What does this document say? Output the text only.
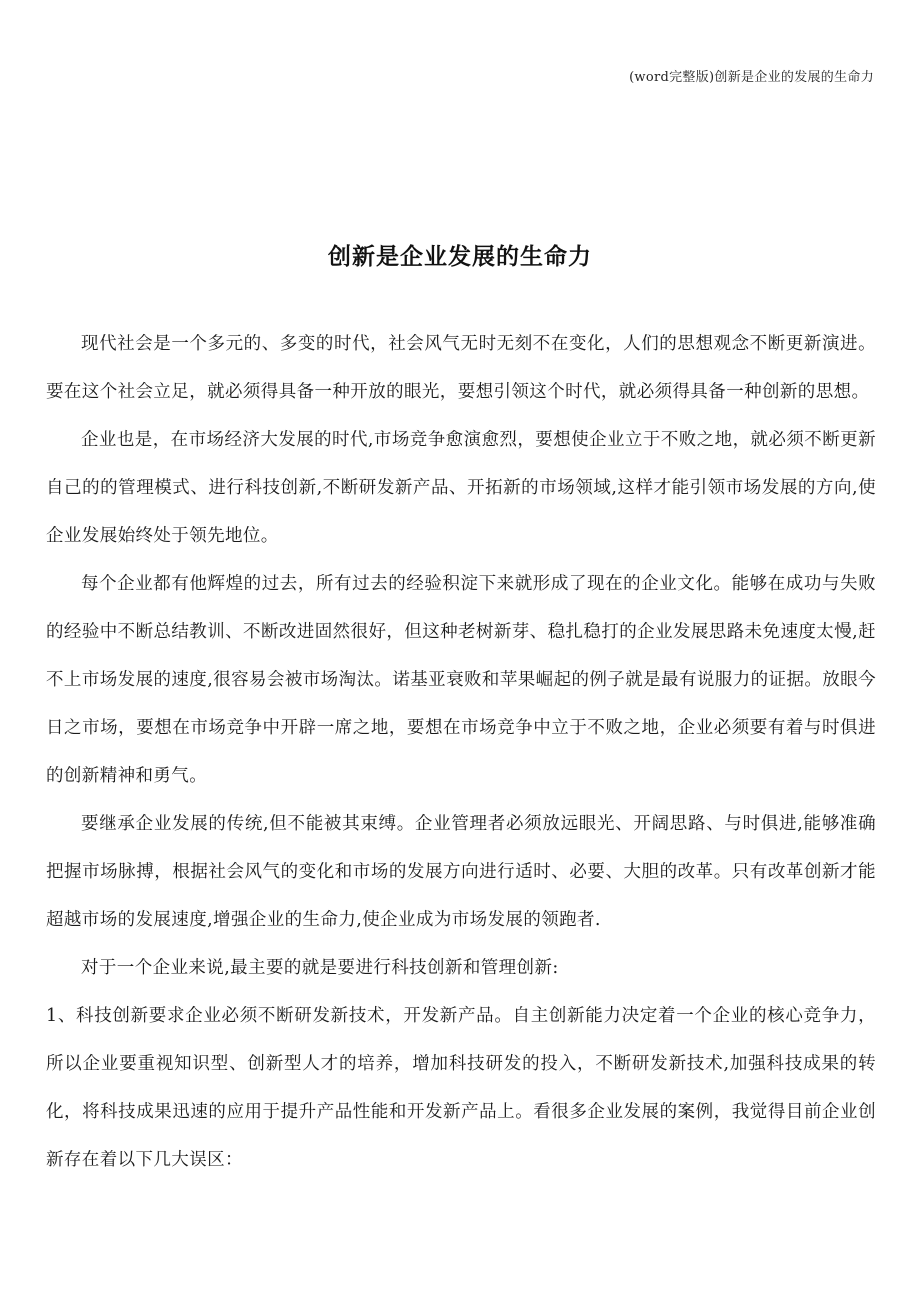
(word完整版)创新是企业的发展的生命力
创新是企业发展的生命力

现代社会是一个多元的、多变的时代，社会风气无时无刻不在变化，人们的思想观念不断更新演进。要在这个社会立足，就必须得具备一种开放的眼光，要想引领这个时代，就必须得具备一种创新的思想。

企业也是，在市场经济大发展的时代,市场竞争愈演愈烈，要想使企业立于不败之地，就必须不断更新自己的的管理模式、进行科技创新,不断研发新产品、开拓新的市场领域,这样才能引领市场发展的方向,使企业发展始终处于领先地位。

每个企业都有他辉煌的过去，所有过去的经验积淀下来就形成了现在的企业文化。能够在成功与失败的经验中不断总结教训、不断改进固然很好，但这种老树新芽、稳扎稳打的企业发展思路未免速度太慢,赶不上市场发展的速度,很容易会被市场淘汰。诺基亚衰败和苹果崛起的例子就是最有说服力的证据。放眼今日之市场，要想在市场竞争中开辟一席之地，要想在市场竞争中立于不败之地，企业必须要有着与时俱进的创新精神和勇气。

要继承企业发展的传统,但不能被其束缚。企业管理者必须放远眼光、开阔思路、与时俱进,能够准确把握市场脉搏，根据社会风气的变化和市场的发展方向进行适时、必要、大胆的改革。只有改革创新才能超越市场的发展速度,增强企业的生命力,使企业成为市场发展的领跑者.

对于一个企业来说,最主要的就是要进行科技创新和管理创新:

1、科技创新要求企业必须不断研发新技术，开发新产品。自主创新能力决定着一个企业的核心竞争力，所以企业要重视知识型、创新型人才的培养，增加科技研发的投入，不断研发新技术,加强科技成果的转化，将科技成果迅速的应用于提升产品性能和开发新产品上。看很多企业发展的案例，我觉得目前企业创新存在着以下几大误区：
